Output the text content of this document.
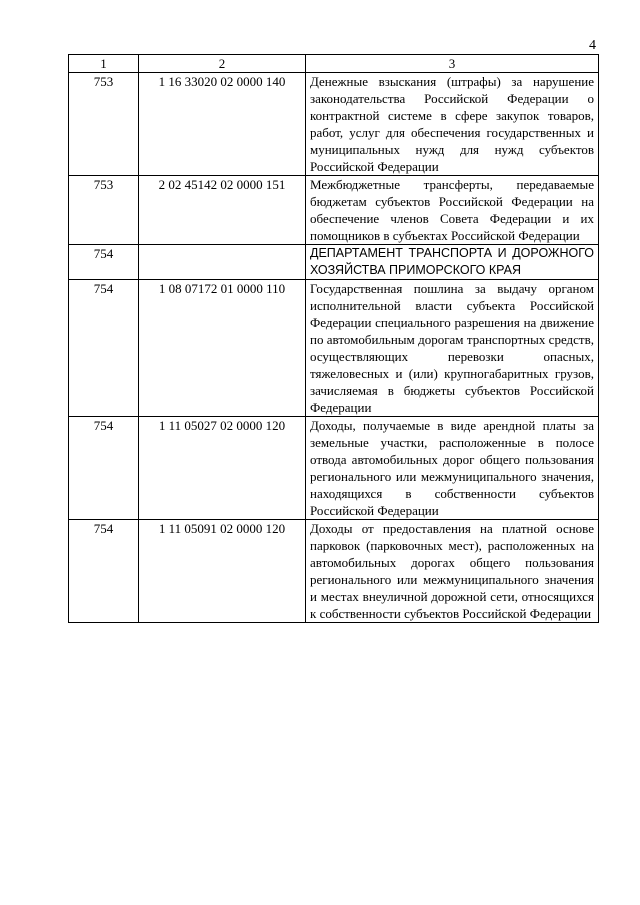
4
1	2	3
753	1 16 33020 02 0000 140	Денежные взыскания (штрафы) за нарушение законодательства Российской Федерации о контрактной системе в сфере закупок товаров, работ, услуг для обеспечения государственных и муниципальных нужд для нужд субъектов Российской Федерации
753	2 02 45142 02 0000 151	Межбюджетные трансферты, передаваемые бюджетам субъектов Российской Федерации на обеспечение членов Совета Федерации и их помощников в субъектах Российской Федерации
754		ДЕПАРТАМЕНТ ТРАНСПОРТА И ДОРОЖНОГО ХОЗЯЙСТВА ПРИМОРСКОГО КРАЯ
754	1 08 07172 01 0000 110	Государственная пошлина за выдачу органом исполнительной власти субъекта Российской Федерации специального разрешения на движение по автомобильным дорогам транспортных средств, осуществляющих перевозки опасных, тяжеловесных и (или) крупногабаритных грузов, зачисляемая в бюджеты субъектов Российской Федерации
754	1 11 05027 02 0000 120	Доходы, получаемые в виде арендной платы за земельные участки, расположенные в полосе отвода автомобильных дорог общего пользования регионального или межмуниципального значения, находящихся в собственности субъектов Российской Федерации
754	1 11 05091 02 0000 120	Доходы от предоставления на платной основе парковок (парковочных мест), расположенных на автомобильных дорогах общего пользования регионального или межмуниципального значения и местах внеуличной дорожной сети, относящихся к собственности субъектов Российской Федерации
